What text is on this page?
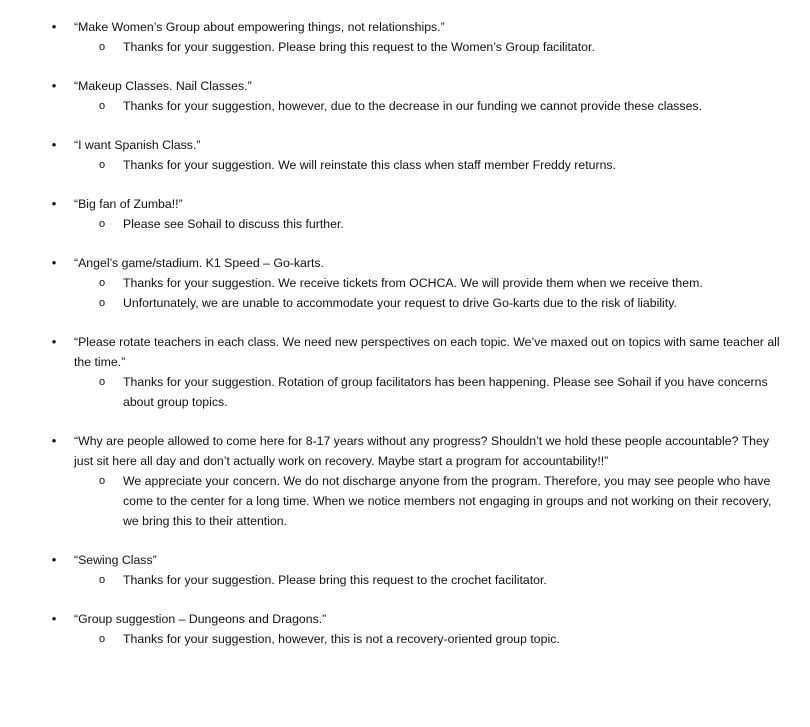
•	“Make Women’s Group about empowering things, not relationships.”
o Thanks for your suggestion. Please bring this request to the Women’s Group facilitator.
•	“Makeup Classes. Nail Classes.”
o Thanks for your suggestion, however, due to the decrease in our funding we cannot provide these classes.
•	“I want Spanish Class.”
o Thanks for your suggestion. We will reinstate this class when staff member Freddy returns.
•	“Big fan of Zumba!!”
o Please see Sohail to discuss this further.
•	“Angel’s game/stadium. K1 Speed – Go-karts.
o Thanks for your suggestion. We receive tickets from OCHCA. We will provide them when we receive them.
o Unfortunately, we are unable to accommodate your request to drive Go-karts due to the risk of liability.
•	“Please rotate teachers in each class. We need new perspectives on each topic. We’ve maxed out on topics with same teacher all the time.”
o Thanks for your suggestion. Rotation of group facilitators has been happening. Please see Sohail if you have concerns about group topics.
•	“Why are people allowed to come here for 8-17 years without any progress? Shouldn’t we hold these people accountable? They just sit here all day and don’t actually work on recovery. Maybe start a program for accountability!!”
o We appreciate your concern. We do not discharge anyone from the program. Therefore, you may see people who have come to the center for a long time. When we notice members not engaging in groups and not working on their recovery, we bring this to their attention.
•	“Sewing Class”
o Thanks for your suggestion. Please bring this request to the crochet facilitator.
•	“Group suggestion – Dungeons and Dragons.”
o Thanks for your suggestion, however, this is not a recovery-oriented group topic.
